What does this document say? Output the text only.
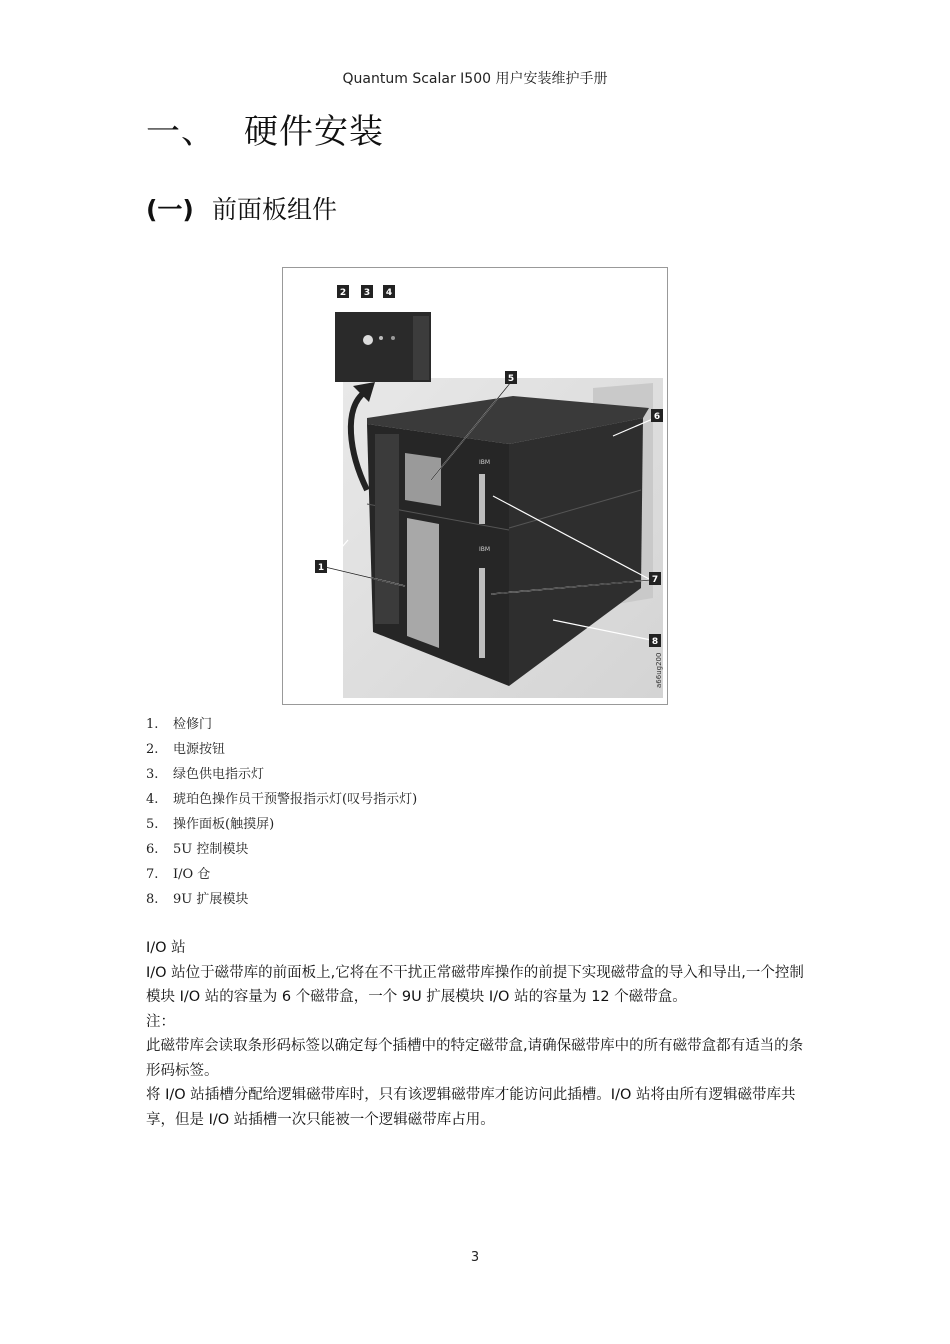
Quantum Scalar I500 用户安装维护手册
一、 硬件安装
(一) 前面板组件
IBM
IBM
1
2 3 4
5
6
7
8
a66ug200
1. 检修门
2. 电源按钮
3. 绿色供电指示灯
4. 琥珀色操作员干预警报指示灯(叹号指示灯)
5. 操作面板(触摸屏)
6. 5U 控制模块
7. I/O 仓
8. 9U 扩展模块

I/O 站

I/O 站位于磁带库的前面板上,它将在不干扰正常磁带库操作的前提下实现磁带盒的导入和导出,一个控制模块 I/O 站的容量为 6 个磁带盒，一个 9U 扩展模块 I/O 站的容量为 12 个磁带盒。

注：

此磁带库会读取条形码标签以确定每个插槽中的特定磁带盒,请确保磁带库中的所有磁带盒都有适当的条形码标签。

将 I/O 站插槽分配给逻辑磁带库时，只有该逻辑磁带库才能访问此插槽。I/O 站将由所有逻辑磁带库共享，但是 I/O 站插槽一次只能被一个逻辑磁带库占用。

3
